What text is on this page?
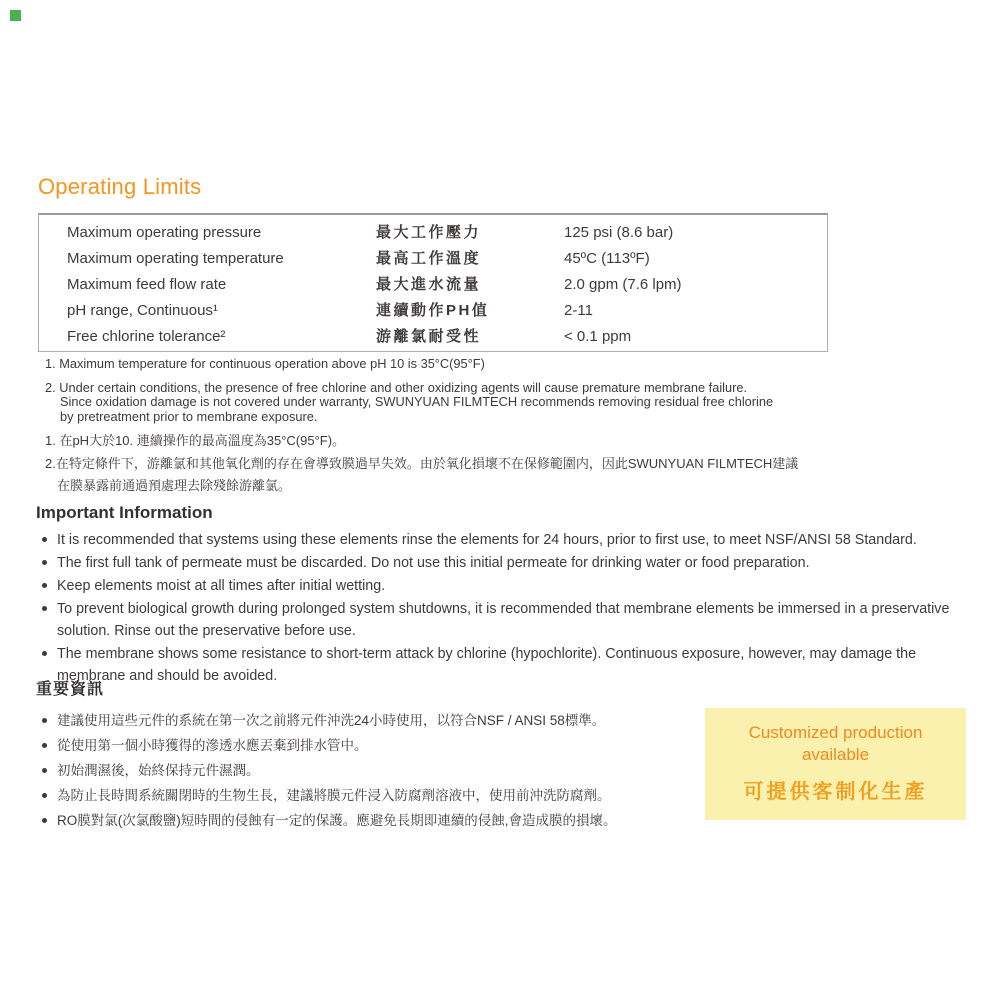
Operating Limits
Maximum operating pressure	最大工作壓力	125 psi (8.6 bar)
Maximum operating temperature	最高工作溫度	45ºC (113ºF)
Maximum feed flow rate	最大進水流量	2.0 gpm (7.6 lpm)
pH range, Continuous¹	連續動作PH值	2-11
Free chlorine tolerance²	游離氯耐受性	< 0.1 ppm
1. Maximum temperature for continuous operation above pH 10 is 35°C(95°F)
2. Under certain conditions, the presence of free chlorine and other oxidizing agents will cause premature membrane failure.
Since oxidation damage is not covered under warranty, SWUNYUAN FILMTECH recommends removing residual free chlorine
by pretreatment prior to membrane exposure.
1. 在pH大於10. 連續操作的最高溫度為35°C(95°F)。
2.在特定條件下，游離氯和其他氧化劑的存在會導致膜過早失效。由於氧化損壞不在保修範圍内，因此SWUNYUAN FILMTECH建議
在膜暴露前通過預處理去除殘餘游離氯。
Important Information
It is recommended that systems using these elements rinse the elements for 24 hours, prior to first use, to meet NSF/ANSI 58 Standard.
The first full tank of permeate must be discarded. Do not use this initial permeate for drinking water or food preparation.
Keep elements moist at all times after initial wetting.
To prevent biological growth during prolonged system shutdowns, it is recommended that membrane elements be immersed in a preservative solution. Rinse out the preservative before use.
The membrane shows some resistance to short-term attack by chlorine (hypochlorite). Continuous exposure, however, may damage the membrane and should be avoided.
重要資訊
建議使用這些元件的系統在第一次之前將元件沖洗24小時使用，以符合NSF / ANSI 58標準。
從使用第一個小時獲得的滲透水應丟棄到排水管中。
初始潤濕後，始終保持元件濕潤。
為防止長時間系統關閉時的生物生長，建議將膜元件浸入防腐劑溶液中，使用前沖洗防腐劑。
RO膜對氯(次氯酸鹽)短時間的侵蝕有一定的保護。應避免長期即連續的侵蝕,會造成膜的損壞。
Customized production
available
可提供客制化生產
